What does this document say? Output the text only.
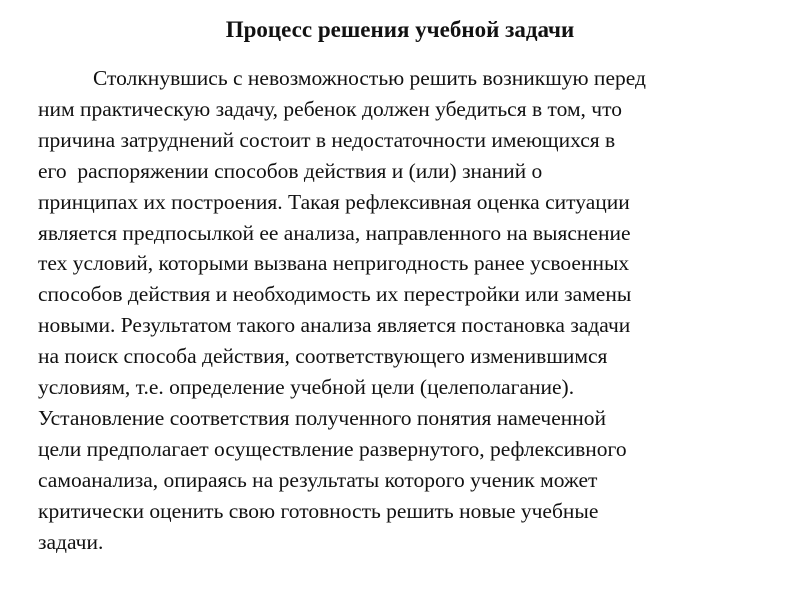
Процесс решения учебной задачи
Столкнувшись с невозможностью решить возникшую перед
ним практическую задачу, ребенок должен убедиться в том, что
причина затруднений состоит в недостаточности имеющихся в
его  распоряжении способов действия и (или) знаний о
принципах их построения. Такая рефлексивная оценка ситуации
является предпосылкой ее анализа, направленного на выяснение
тех условий, которыми вызвана непригодность ранее усвоенных
способов действия и необходимость их перестройки или замены
новыми. Результатом такого анализа является постановка задачи
на поиск способа действия, соответствующего изменившимся
условиям, т.е. определение учебной цели (целеполагание).
Установление соответствия полученного понятия намеченной
цели предполагает осуществление развернутого, рефлексивного
самоанализа, опираясь на результаты которого ученик может
критически оценить свою готовность решить новые учебные
задачи.
